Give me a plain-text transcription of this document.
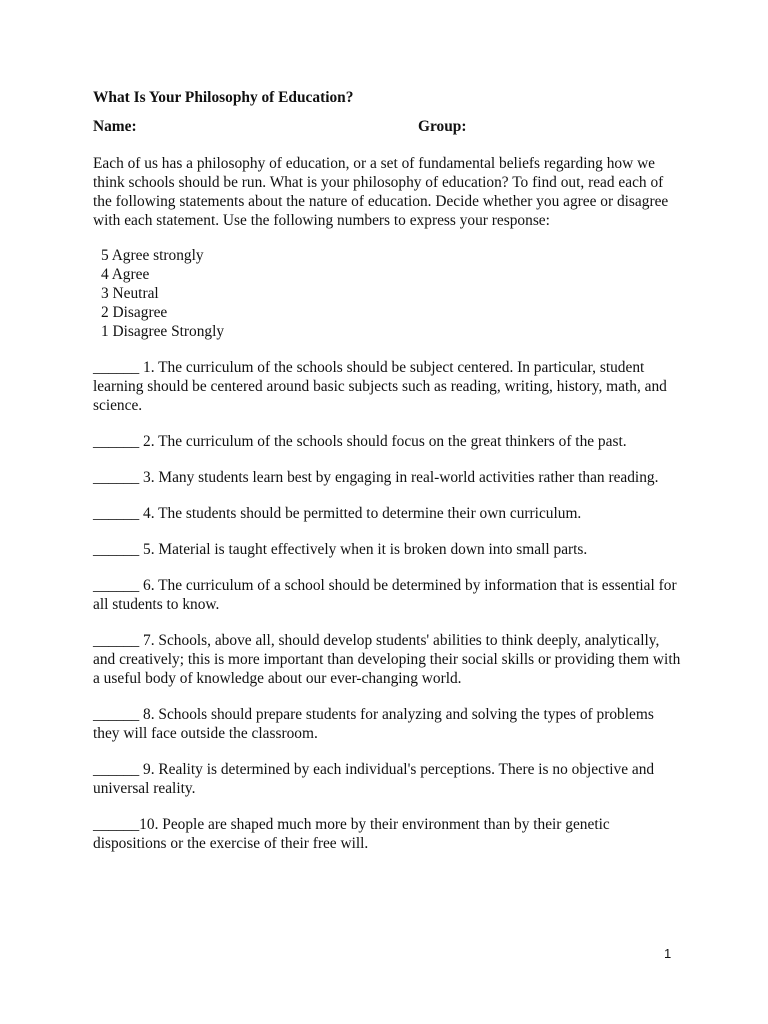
What Is Your Philosophy of Education?
Name:	Group:
Each of us has a philosophy of education, or a set of fundamental beliefs regarding how we think schools should be run. What is your philosophy of education? To find out, read each of the following statements about the nature of education. Decide whether you agree or disagree with each statement. Use the following numbers to express your response:
5 Agree strongly
4 Agree
3 Neutral
2 Disagree
1 Disagree Strongly
______ 1. The curriculum of the schools should be subject centered. In particular, student learning should be centered around basic subjects such as reading, writing, history, math, and science.
______ 2. The curriculum of the schools should focus on the great thinkers of the past.
______ 3. Many students learn best by engaging in real-world activities rather than reading.
______ 4. The students should be permitted to determine their own curriculum.
______ 5. Material is taught effectively when it is broken down into small parts.
______ 6. The curriculum of a school should be determined by information that is essential for all students to know.
______ 7. Schools, above all, should develop students' abilities to think deeply, analytically, and creatively; this is more important than developing their social skills or providing them with a useful body of knowledge about our ever-changing world.
______ 8. Schools should prepare students for analyzing and solving the types of problems they will face outside the classroom.
______ 9. Reality is determined by each individual's perceptions. There is no objective and universal reality.
______10. People are shaped much more by their environment than by their genetic dispositions or the exercise of their free will.
1
